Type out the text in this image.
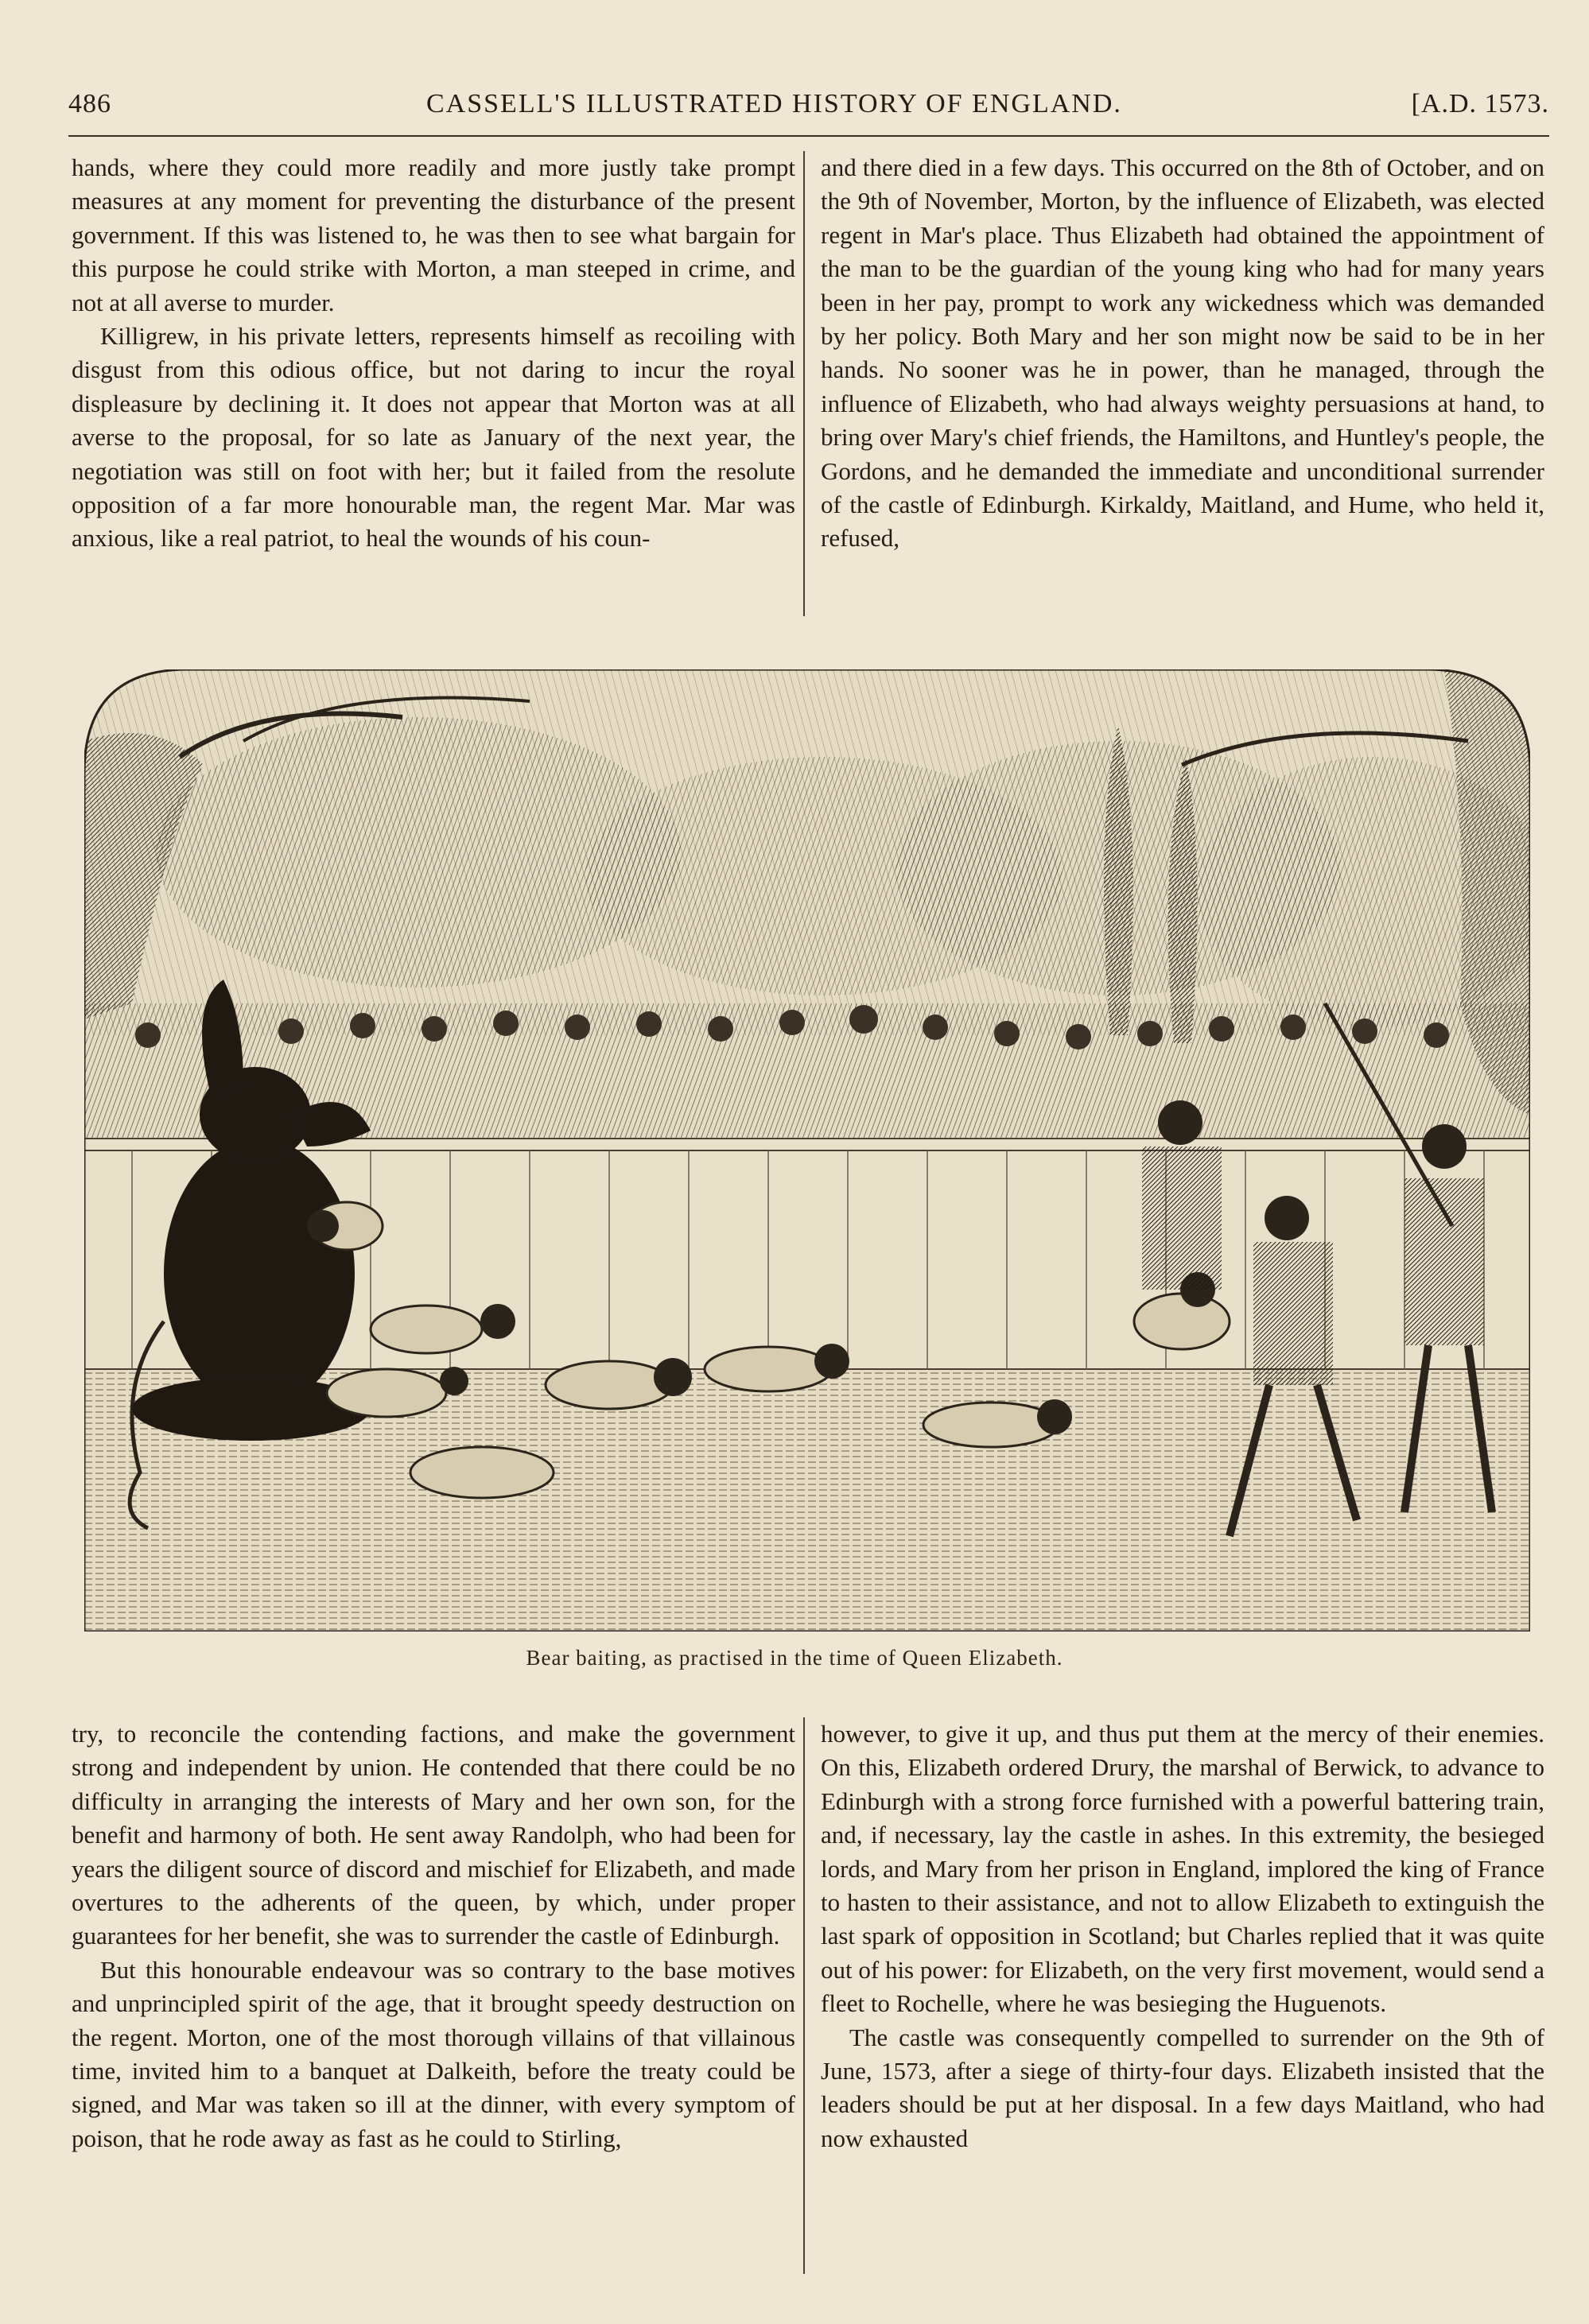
486	CASSELL'S ILLUSTRATED HISTORY OF ENGLAND.	[A.D. 1573.

hands, where they could more readily and more justly take prompt measures at any moment for preventing the disturbance of the present government. If this was listened to, he was then to see what bargain for this purpose he could strike with Morton, a man steeped in crime, and not at all averse to murder.

Killigrew, in his private letters, represents himself as recoiling with disgust from this odious office, but not daring to incur the royal displeasure by declining it. It does not appear that Morton was at all averse to the proposal, for so late as January of the next year, the negotiation was still on foot with her; but it failed from the resolute opposition of a far more honourable man, the regent Mar. Mar was anxious, like a real patriot, to heal the wounds of his coun-

and there died in a few days. This occurred on the 8th of October, and on the 9th of November, Morton, by the influence of Elizabeth, was elected regent in Mar's place. Thus Elizabeth had obtained the appointment of the man to be the guardian of the young king who had for many years been in her pay, prompt to work any wickedness which was demanded by her policy. Both Mary and her son might now be said to be in her hands. No sooner was he in power, than he managed, through the influence of Elizabeth, who had always weighty persuasions at hand, to bring over Mary's chief friends, the Hamiltons, and Huntley's people, the Gordons, and he demanded the immediate and unconditional surrender of the castle of Edinburgh. Kirkaldy, Maitland, and Hume, who held it, refused,

Bear baiting, as practised in the time of Queen Elizabeth.

try, to reconcile the contending factions, and make the government strong and independent by union. He contended that there could be no difficulty in arranging the interests of Mary and her own son, for the benefit and harmony of both. He sent away Randolph, who had been for years the diligent source of discord and mischief for Elizabeth, and made overtures to the adherents of the queen, by which, under proper guarantees for her benefit, she was to surrender the castle of Edinburgh.

But this honourable endeavour was so contrary to the base motives and unprincipled spirit of the age, that it brought speedy destruction on the regent. Morton, one of the most thorough villains of that villainous time, invited him to a banquet at Dalkeith, before the treaty could be signed, and Mar was taken so ill at the dinner, with every symptom of poison, that he rode away as fast as he could to Stirling,

however, to give it up, and thus put them at the mercy of their enemies. On this, Elizabeth ordered Drury, the marshal of Berwick, to advance to Edinburgh with a strong force furnished with a powerful battering train, and, if necessary, lay the castle in ashes. In this extremity, the besieged lords, and Mary from her prison in England, implored the king of France to hasten to their assistance, and not to allow Elizabeth to extinguish the last spark of opposition in Scotland; but Charles replied that it was quite out of his power: for Elizabeth, on the very first movement, would send a fleet to Rochelle, where he was besieging the Huguenots.

The castle was consequently compelled to surrender on the 9th of June, 1573, after a siege of thirty-four days. Elizabeth insisted that the leaders should be put at her disposal. In a few days Maitland, who had now exhausted
